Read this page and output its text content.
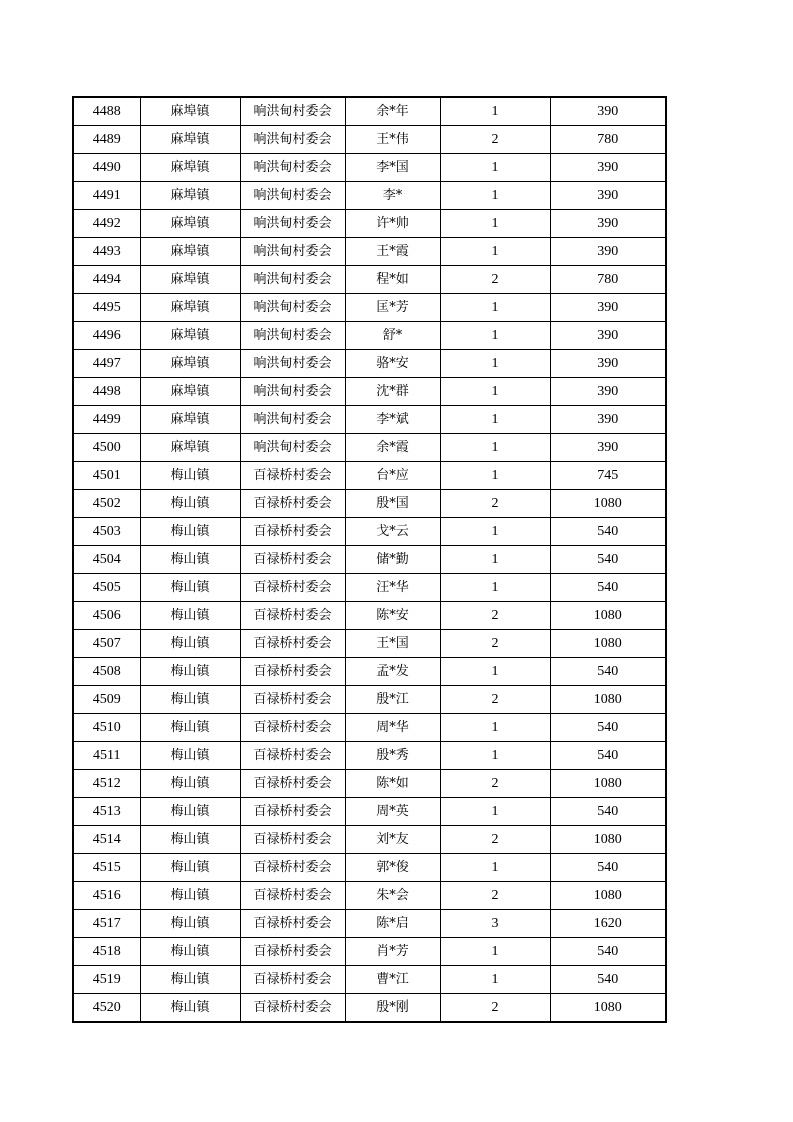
4488	麻埠镇	响洪甸村委会	余*年	1	390
4489	麻埠镇	响洪甸村委会	王*伟	2	780
4490	麻埠镇	响洪甸村委会	李*国	1	390
4491	麻埠镇	响洪甸村委会	李*	1	390
4492	麻埠镇	响洪甸村委会	许*帅	1	390
4493	麻埠镇	响洪甸村委会	王*霞	1	390
4494	麻埠镇	响洪甸村委会	程*如	2	780
4495	麻埠镇	响洪甸村委会	匡*芳	1	390
4496	麻埠镇	响洪甸村委会	舒*	1	390
4497	麻埠镇	响洪甸村委会	骆*安	1	390
4498	麻埠镇	响洪甸村委会	沈*群	1	390
4499	麻埠镇	响洪甸村委会	李*斌	1	390
4500	麻埠镇	响洪甸村委会	余*霞	1	390
4501	梅山镇	百禄桥村委会	台*应	1	745
4502	梅山镇	百禄桥村委会	殷*国	2	1080
4503	梅山镇	百禄桥村委会	戈*云	1	540
4504	梅山镇	百禄桥村委会	储*勤	1	540
4505	梅山镇	百禄桥村委会	汪*华	1	540
4506	梅山镇	百禄桥村委会	陈*安	2	1080
4507	梅山镇	百禄桥村委会	王*国	2	1080
4508	梅山镇	百禄桥村委会	孟*发	1	540
4509	梅山镇	百禄桥村委会	殷*江	2	1080
4510	梅山镇	百禄桥村委会	周*华	1	540
4511	梅山镇	百禄桥村委会	殷*秀	1	540
4512	梅山镇	百禄桥村委会	陈*如	2	1080
4513	梅山镇	百禄桥村委会	周*英	1	540
4514	梅山镇	百禄桥村委会	刘*友	2	1080
4515	梅山镇	百禄桥村委会	郭*俊	1	540
4516	梅山镇	百禄桥村委会	朱*会	2	1080
4517	梅山镇	百禄桥村委会	陈*启	3	1620
4518	梅山镇	百禄桥村委会	肖*芳	1	540
4519	梅山镇	百禄桥村委会	曹*江	1	540
4520	梅山镇	百禄桥村委会	殷*刚	2	1080
